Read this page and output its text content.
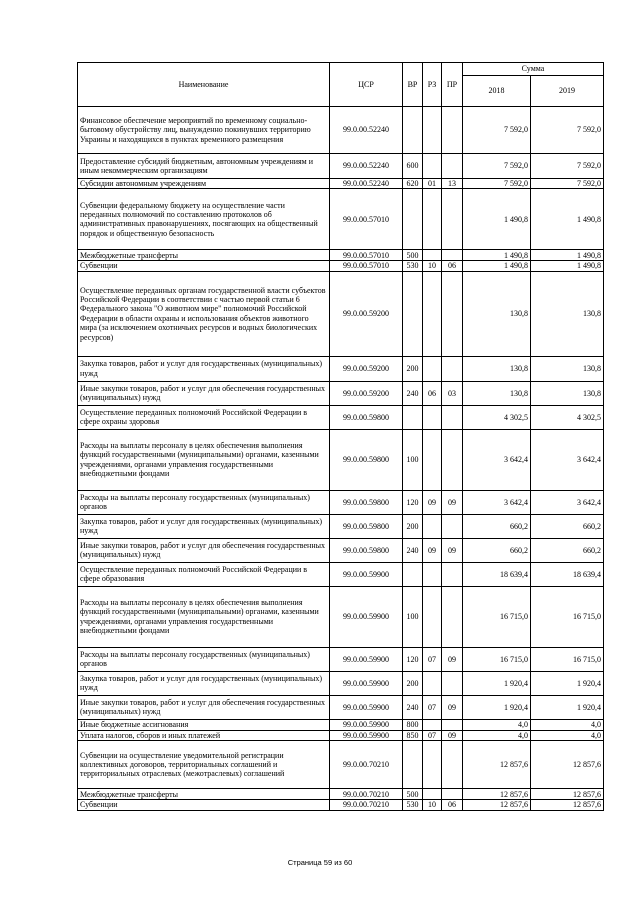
Наименование	ЦСР	ВР	РЗ	ПР	Сумма	
					2018	2019
Финансовое обеспечение мероприятий по временному социально-бытовому обустройству лиц, вынужденно покинувших территорию Украины и находящихся в пунктах временного размещения	99.0.00.52240				7 592,0	7 592,0
Предоставление субсидий бюджетным, автономным учреждениям и иным некоммерческим организациям	99.0.00.52240	600			7 592,0	7 592,0
Субсидии автономным учреждениям	99.0.00.52240	620	01	13	7 592,0	7 592,0
Субвенции федеральному бюджету на осуществление части переданных полномочий по составлению протоколов об административных правонарушениях, посягающих на общественный порядок и общественную безопасность	99.0.00.57010				1 490,8	1 490,8
Межбюджетные трансферты	99.0.00.57010	500			1 490,8	1 490,8
Субвенции	99.0.00.57010	530	10	06	1 490,8	1 490,8
Осуществление переданных органам государственной власти субъектов Российской Федерации в соответствии с частью первой статьи 6 Федерального закона "О животном мире" полномочий Российской Федерации в области охраны и использования объектов животного мира (за исключением охотничьих ресурсов и водных биологических ресурсов)	99.0.00.59200				130,8	130,8
Закупка товаров, работ и услуг для государственных (муниципальных) нужд	99.0.00.59200	200			130,8	130,8
Иные закупки товаров, работ и услуг для обеспечения государственных (муниципальных) нужд	99.0.00.59200	240	06	03	130,8	130,8
Осуществление переданных полномочий Российской Федерации в сфере охраны здоровья	99.0.00.59800				4 302,5	4 302,5
Расходы на выплаты персоналу в целях обеспечения выполнения функций государственными (муниципальными) органами, казенными учреждениями, органами управления государственными внебюджетными фондами	99.0.00.59800	100			3 642,4	3 642,4
Расходы на выплаты персоналу государственных (муниципальных) органов	99.0.00.59800	120	09	09	3 642,4	3 642,4
Закупка товаров, работ и услуг для государственных (муниципальных) нужд	99.0.00.59800	200			660,2	660,2
Иные закупки товаров, работ и услуг для обеспечения государственных (муниципальных) нужд	99.0.00.59800	240	09	09	660,2	660,2
Осуществление переданных полномочий Российской Федерации в сфере образования	99.0.00.59900				18 639,4	18 639,4
Расходы на выплаты персоналу в целях обеспечения выполнения функций государственными (муниципальными) органами, казенными учреждениями, органами управления государственными внебюджетными фондами	99.0.00.59900	100			16 715,0	16 715,0
Расходы на выплаты персоналу государственных (муниципальных) органов	99.0.00.59900	120	07	09	16 715,0	16 715,0
Закупка товаров, работ и услуг для государственных (муниципальных) нужд	99.0.00.59900	200			1 920,4	1 920,4
Иные закупки товаров, работ и услуг для обеспечения государственных (муниципальных) нужд	99.0.00.59900	240	07	09	1 920,4	1 920,4
Иные бюджетные ассигнования	99.0.00.59900	800			4,0	4,0
Уплата налогов, сборов и иных платежей	99.0.00.59900	850	07	09	4,0	4,0
Субвенции на осуществление уведомительной регистрации коллективных договоров, территориальных соглашений и территориальных отраслевых (межотраслевых) соглашений	99.0.00.70210				12 857,6	12 857,6
Межбюджетные трансферты	99.0.00.70210	500			12 857,6	12 857,6
Субвенции	99.0.00.70210	530	10	06	12 857,6	12 857,6
Страница 59 из 60
